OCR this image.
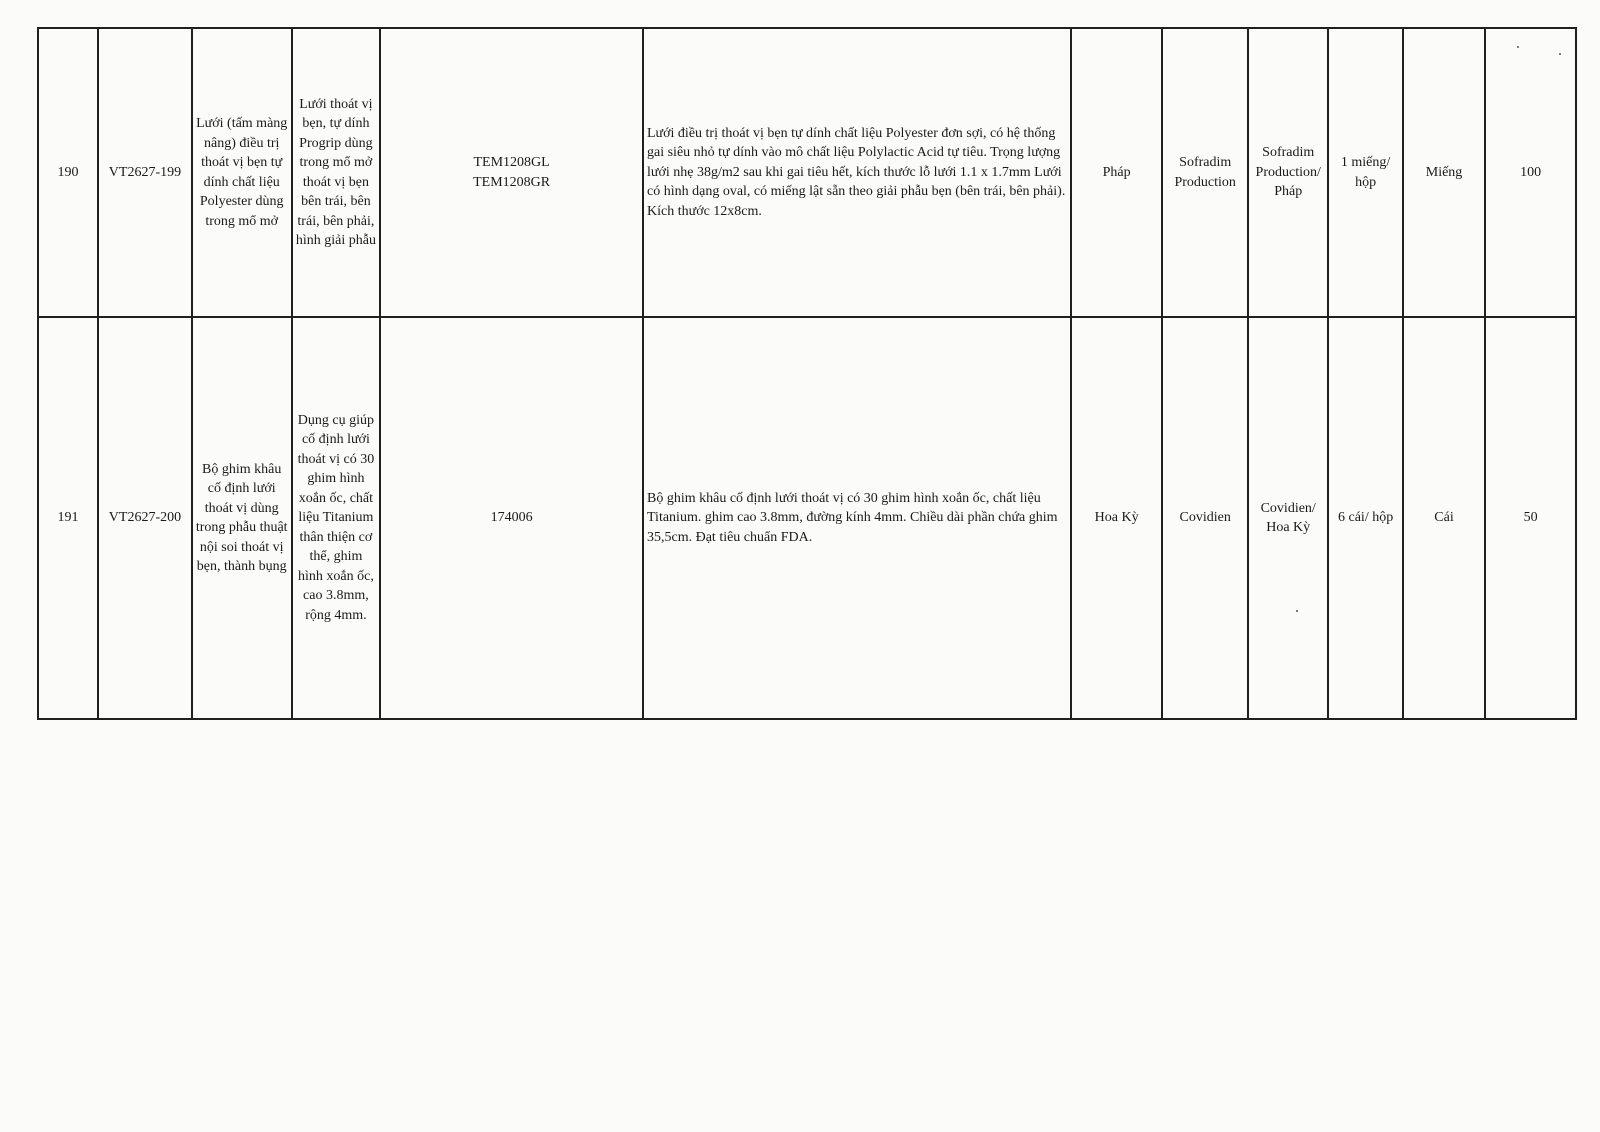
190	VT2627-199	Lưới (tấm màng nâng) điều trị thoát vị bẹn tự dính chất liệu Polyester dùng trong mổ mở	Lưới thoát vị bẹn, tự dính Progrip dùng trong mổ mở thoát vị bẹn bên trái, bên trái, bên phải, hình giải phẫu	TEM1208GL
TEM1208GR	Lưới điều trị thoát vị bẹn tự dính chất liệu Polyester đơn sợi, có hệ thống gai siêu nhỏ tự dính vào mô chất liệu Polylactic Acid tự tiêu. Trọng lượng lưới nhẹ 38g/m2 sau khi gai tiêu hết, kích thước lỗ lưới 1.1 x 1.7mm Lưới có hình dạng oval, có miếng lật sẵn theo giải phẫu bẹn (bên trái, bên phải). Kích thước 12x8cm.	Pháp	Sofradim Production	Sofradim Production/ Pháp	1 miếng/ hộp	Miếng	100
191	VT2627-200	Bộ ghim khâu cố định lưới thoát vị dùng trong phẫu thuật nội soi thoát vị bẹn, thành bụng	Dụng cụ giúp cố định lưới thoát vị có 30 ghim hình xoắn ốc, chất liệu Titanium thân thiện cơ thể, ghim hình xoắn ốc, cao 3.8mm, rộng 4mm.	174006	Bộ ghim khâu cố định lưới thoát vị có 30 ghim hình xoắn ốc, chất liệu Titanium. ghim cao 3.8mm, đường kính 4mm. Chiều dài phần chứa ghim 35,5cm. Đạt tiêu chuẩn FDA.	Hoa Kỳ	Covidien	Covidien/ Hoa Kỳ	6 cái/ hộp	Cái	50
